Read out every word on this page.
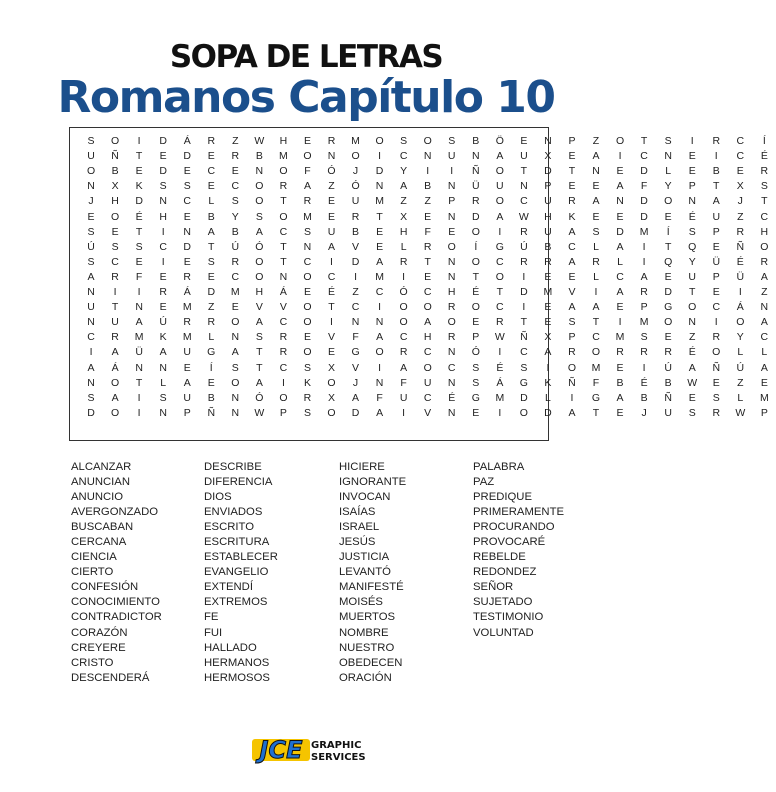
SOPA DE LETRAS
Romanos Capítulo 10
S	O	I	D	Á	R	Z	W	H	E	R	M	O	S	O	S	B	Ö	E	N	P	Z	O	T	S	I	R	C	Í
U	Ñ	T	E	D	E	R	B	M	O	N	O	I	C	N	U	N	A	U	X	E	A	I	C	N	E	I	C	É
O	B	E	D	E	C	E	N	O	F	Ó	J	D	Y	I	I	Ñ	O	T	D	T	N	E	D	L	E	B	E	R
N	X	K	S	S	E	C	O	R	A	Z	Ó	N	A	B	N	Ü	U	N	P	E	E	A	F	Y	P	T	X	S
J	H	D	N	C	L	S	O	T	R	E	U	M	Z	Z	P	R	O	C	U	R	A	N	D	O	N	A	J	T
E	O	É	H	E	B	Y	S	O	M	E	R	T	X	E	N	D	A	W	H	K	E	E	D	E	É	U	Z	C
S	E	T	I	N	A	B	A	C	S	U	B	E	H	F	E	O	I	R	U	A	S	D	M	Í	S	P	R	H
Ú	S	S	C	D	T	Ú	Ó	T	N	A	V	E	L	R	O	Í	G	Ú	B	C	L	A	I	T	Q	E	Ñ	O
S	C	E	I	E	S	R	O	T	C	I	D	A	R	T	N	O	C	R	R	A	R	L	I	Q	Y	Ü	É	R
A	R	F	E	R	E	C	O	N	O	C	I	M	I	E	N	T	O	I	E	E	L	C	A	E	U	P	Ü	A
N	I	I	R	Á	D	M	H	Á	E	É	Z	C	Ó	C	H	É	T	D	M	V	I	A	R	D	T	E	I	Z
U	T	N	E	M	Z	E	V	V	O	T	C	I	O	O	R	O	C	I	E	A	A	E	P	G	O	C	Á	N
N	U	A	Ú	R	R	O	A	C	O	I	N	N	O	A	O	E	R	T	E	S	T	I	M	O	N	I	O	A
C	R	M	K	M	L	N	S	R	E	V	F	A	C	H	R	P	W	Ñ	X	P	C	M	S	E	Z	R	Y	C
I	A	Ü	A	U	G	A	T	R	O	E	G	O	R	C	N	Ó	I	C	A	R	O	R	R	R	É	O	L	L
A	Á	N	N	E	Í	S	T	C	S	X	V	I	A	O	C	S	É	S	I	O	M	E	I	Ú	A	Ñ	Ú	A
N	O	T	L	A	E	O	A	I	K	O	J	N	F	U	N	S	Á	G	K	Ñ	F	B	É	B	W	E	Z	E
S	A	I	S	U	B	N	Ó	O	R	X	A	F	U	C	É	G	M	D	L	I	G	A	B	Ñ	E	S	L	M
D	O	I	N	P	Ñ	N	W	P	S	O	D	A	I	V	N	E	I	O	D	A	T	E	J	U	S	R	W	P
ALCANZAR
ANUNCIAN
ANUNCIO
AVERGONZADO
BUSCABAN
CERCANA
CIENCIA
CIERTO
CONFESIÓN
CONOCIMIENTO
CONTRADICTOR
CORAZÓN
CREYERE
CRISTO
DESCENDERÁ
DESCRIBE
DIFERENCIA
DIOS
ENVIADOS
ESCRITO
ESCRITURA
ESTABLECER
EVANGELIO
EXTENDÍ
EXTREMOS
FE
FUI
HALLADO
HERMANOS
HERMOSOS
HICIERE
IGNORANTE
INVOCAN
ISAÍAS
ISRAEL
JESÚS
JUSTICIA
LEVANTÓ
MANIFESTÉ
MOISÉS
MUERTOS
NOMBRE
NUESTRO
OBEDECEN
ORACIÓN
PALABRA
PAZ
PREDIQUE
PRIMERAMENTE
PROCURANDO
PROVOCARÉ
REBELDE
REDONDEZ
SEÑOR
SUJETADO
TESTIMONIO
VOLUNTAD
JCE GRAPHIC
SERVICES
